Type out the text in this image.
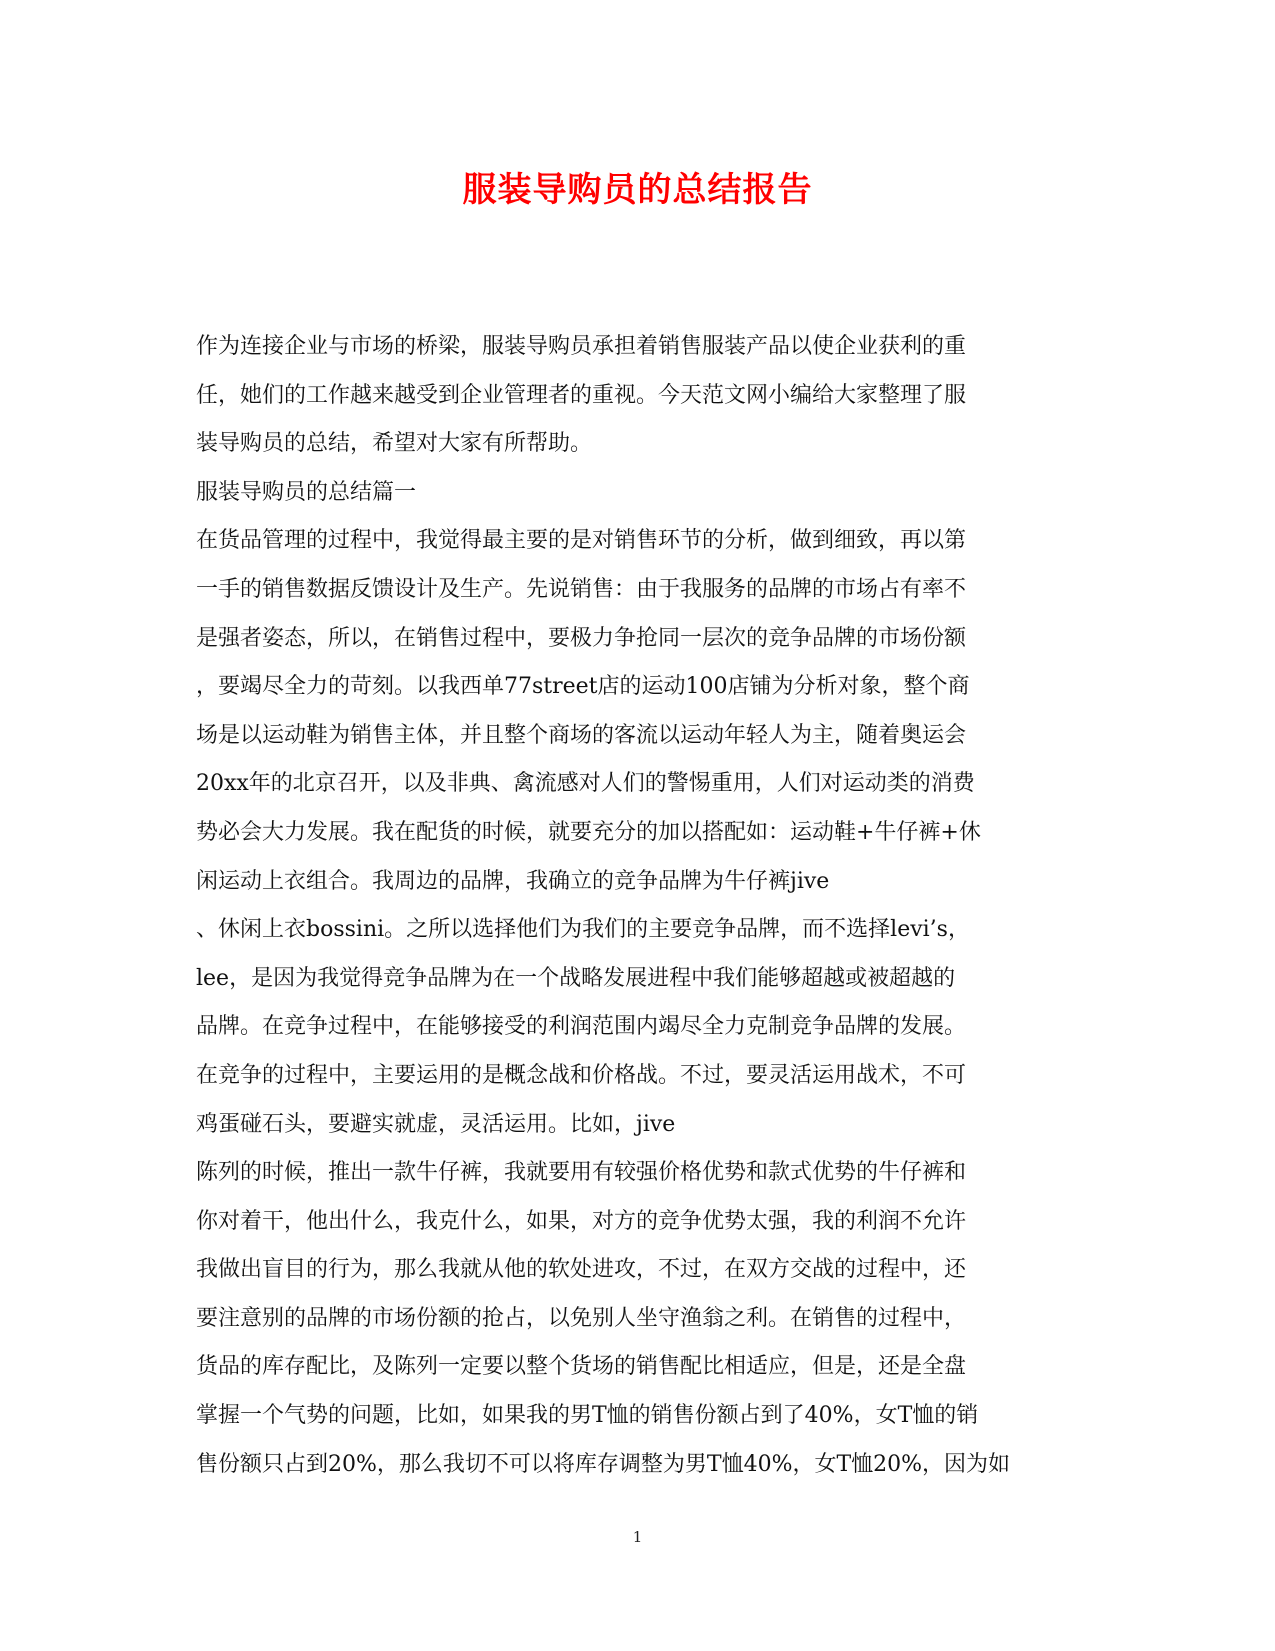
服装导购员的总结报告
作为连接企业与市场的桥梁，服装导购员承担着销售服装产品以使企业获利的重
任，她们的工作越来越受到企业管理者的重视。今天范文网小编给大家整理了服
装导购员的总结，希望对大家有所帮助。
服装导购员的总结篇一
在货品管理的过程中，我觉得最主要的是对销售环节的分析，做到细致，再以第
一手的销售数据反馈设计及生产。先说销售：由于我服务的品牌的市场占有率不
是强者姿态，所以，在销售过程中，要极力争抢同一层次的竞争品牌的市场份额
，要竭尽全力的苛刻。以我西单77street店的运动100店铺为分析对象，整个商
场是以运动鞋为销售主体，并且整个商场的客流以运动年轻人为主，随着奥运会
20xx年的北京召开，以及非典、禽流感对人们的警惕重用，人们对运动类的消费
势必会大力发展。我在配货的时候，就要充分的加以搭配如：运动鞋+牛仔裤+休
闲运动上衣组合。我周边的品牌，我确立的竞争品牌为牛仔裤jive
、休闲上衣bossini。之所以选择他们为我们的主要竞争品牌，而不选择levi’s，
lee，是因为我觉得竞争品牌为在一个战略发展进程中我们能够超越或被超越的
品牌。在竞争过程中，在能够接受的利润范围内竭尽全力克制竞争品牌的发展。
在竞争的过程中，主要运用的是概念战和价格战。不过，要灵活运用战术，不可
鸡蛋碰石头，要避实就虚，灵活运用。比如，jive
陈列的时候，推出一款牛仔裤，我就要用有较强价格优势和款式优势的牛仔裤和
你对着干，他出什么，我克什么，如果，对方的竞争优势太强，我的利润不允许
我做出盲目的行为，那么我就从他的软处进攻，不过，在双方交战的过程中，还
要注意别的品牌的市场份额的抢占，以免别人坐守渔翁之利。在销售的过程中，
货品的库存配比，及陈列一定要以整个货场的销售配比相适应，但是，还是全盘
掌握一个气势的问题，比如，如果我的男T恤的销售份额占到了40%，女T恤的销
售份额只占到20%，那么我切不可以将库存调整为男T恤40%，女T恤20%，因为如
1
